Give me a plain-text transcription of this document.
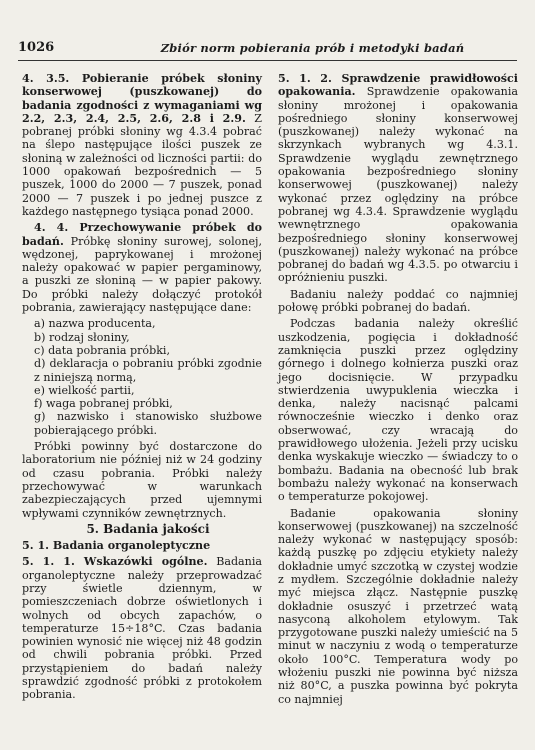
1026	Zbiór norm pobierania prób i metodyki badań

4. 3.5. Pobieranie próbek słoniny konserwowej (puszkowanej) do badania zgodności z wymaganiami wg 2.2, 2.3, 2.4, 2.5, 2.6, 2.8 i 2.9. Z pobranej próbki słoniny wg 4.3.4 pobrać na ślepo następujące ilości puszek ze słoniną w zależności od liczności partii: do 1000 opakowań bezpośrednich — 5 puszek, 1000 do 2000 — 7 puszek, ponad 2000 — 7 puszek i po jednej puszce z każdego następnego tysiąca ponad 2000.

4. 4. Przechowywanie próbek do badań. Próbkę słoniny surowej, solonej, wędzonej, paprykowanej i mrożonej należy opakować w papier pergaminowy, a puszki ze słoniną — w papier pakowy. Do próbki należy dołączyć protokół pobrania, zawierający następujące dane:

a) nazwa producenta,

b) rodzaj słoniny,

c) data pobrania próbki,

d) deklaracja o pobraniu próbki zgodnie z niniejszą normą,

e) wielkość partii,

f) waga pobranej próbki,

g) nazwisko i stanowisko służbowe pobierającego próbki.

Próbki powinny być dostarczone do laboratorium nie później niż w 24 godziny od czasu pobrania. Próbki należy przechowywać w warunkach zabezpieczających przed ujemnymi wpływami czynników zewnętrznych.

5. Badania jakości

5. 1. Badania organoleptyczne

5. 1. 1. Wskazówki ogólne. Badania organoleptyczne należy przeprowadzać przy świetle dziennym, w pomieszczeniach dobrze oświetlonych i wolnych od obcych zapachów, o temperaturze 15÷18°C. Czas badania powinien wynosić nie więcej niż 48 godzin od chwili pobrania próbki. Przed przystąpieniem do badań należy sprawdzić zgodność próbki z protokołem pobrania.

5. 1. 2. Sprawdzenie prawidłowości opakowania. Sprawdzenie opakowania słoniny mrożonej i opakowania pośredniego słoniny konserwowej (puszkowanej) należy wykonać na skrzynkach wybranych wg 4.3.1. Sprawdzenie wyglądu zewnętrznego opakowania bezpośredniego słoniny konserwowej (puszkowanej) należy wykonać przez oględziny na próbce pobranej wg 4.3.4. Sprawdzenie wyglądu wewnętrznego opakowania bezpośredniego słoniny konserwowej (puszkowanej) należy wykonać na próbce pobranej do badań wg 4.3.5. po otwarciu i opróżnieniu puszki.

Badaniu należy poddać co najmniej połowę próbki pobranej do badań.

Podczas badania należy określić uszkodzenia, pogięcia i dokładność zamknięcia puszki przez oględziny górnego i dolnego kołnierza puszki oraz jego docisnięcie. W przypadku stwierdzenia uwypuklenia wieczka i denka, należy nacisnąć palcami równocześnie wieczko i denko oraz obserwować, czy wracają do prawidłowego ułożenia. Jeżeli przy ucisku denka wyskakuje wieczko — świadczy to o bombażu. Badania na obecność lub brak bombażu należy wykonać na konserwach o temperaturze pokojowej.

Badanie opakowania słoniny konserwowej (puszkowanej) na szczelność należy wykonać w następujący sposób: każdą puszkę po zdjęciu etykiety należy dokładnie umyć szczotką w czystej wodzie z mydłem. Szczególnie dokładnie należy myć miejsca złącz. Następnie puszkę dokładnie osuszyć i przetrzeć watą nasyconą alkoholem etylowym. Tak przygotowane puszki należy umieścić na 5 minut w naczyniu z wodą o temperaturze około 100°C. Temperatura wody po włożeniu puszki nie powinna być niższa niż 80°C, a puszka powinna być pokryta co najmniej
